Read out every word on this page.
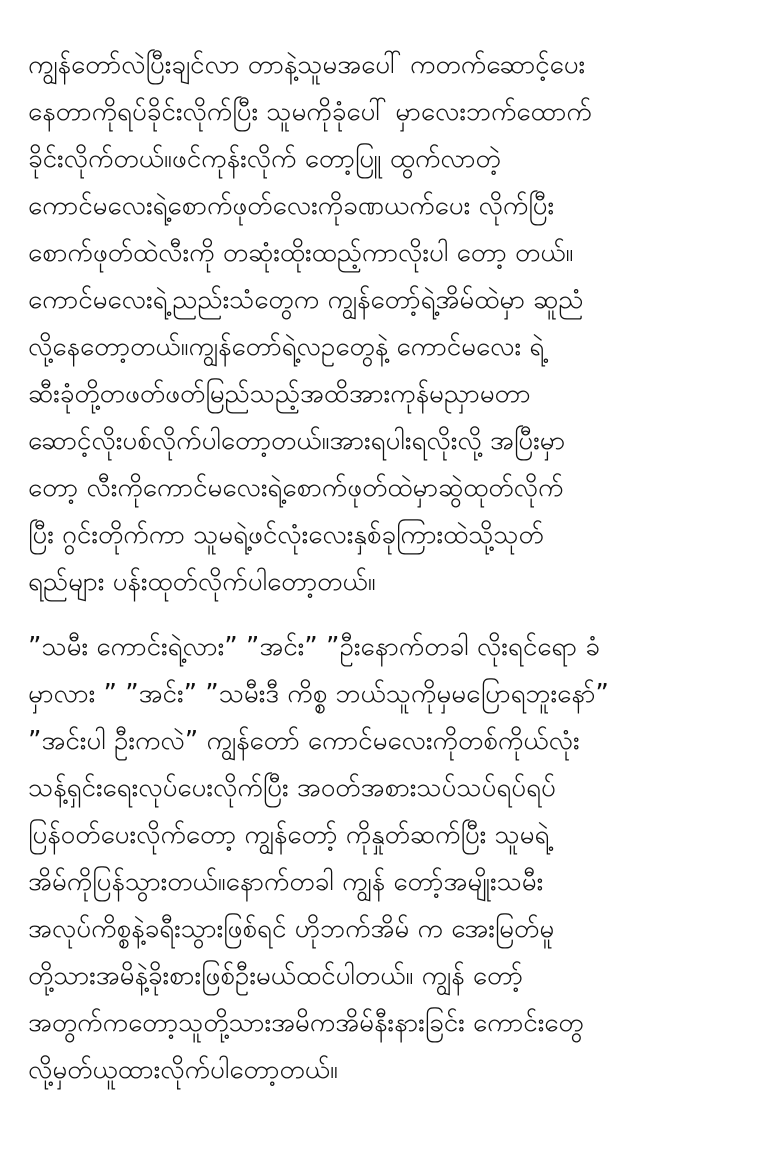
ကျွန်တော်လဲပြီးချင်လာ တာနဲ့သူမအပေါ် ကတက်ဆောင့်ပေး
နေတာကိုရပ်ခိုင်းလိုက်ပြီး သူမကိုခုံပေါ် မှာလေးဘက်ထောက်
ခိုင်းလိုက်တယ်။ဖင်ကုန်းလိုက် တော့ပြူ ထွက်လာတဲ့
ကောင်မလေးရဲ့စောက်ဖုတ်လေးကိုခဏယက်ပေး လိုက်ပြီး
စောက်ဖုတ်ထဲလီးကို တဆုံးထိုးထည့်ကာလိုးပါ တော့ တယ်။
ကောင်မလေးရဲ့ညည်းသံတွေက ကျွန်တော့်ရဲ့အိမ်ထဲမှာ ဆူညံ
လို့နေတော့တယ်။ကျွန်တော်ရဲ့လဥတွေနဲ့ ကောင်မလေး ရဲ့
ဆီးခုံတို့တဖတ်ဖတ်မြည်သည့်အထိအားကုန်မညှာမတာ
ဆောင့်လိုးပစ်လိုက်ပါတော့တယ်။အားရပါးရလိုးလို့ အပြီးမှာ
တော့ လီးကိုကောင်မလေးရဲ့စောက်ဖုတ်ထဲမှာဆွဲထုတ်လိုက်
ပြီး ဂွင်းတိုက်ကာ သူမရဲ့ဖင်လုံးလေးနှစ်ခုကြားထဲသို့သုတ်
ရည်များ ပန်းထုတ်လိုက်ပါတော့တယ်။
”သမီး ကောင်းရဲ့လား” ”အင်း” ”ဦးနောက်တခါ လိုးရင်ရော ခံ
မှာလား ” ”အင်း” ”သမီးဒီ ကိစ္စ ဘယ်သူကိုမှမပြောရဘူးနော်”
”အင်းပါ ဦးကလဲ” ကျွန်တော် ကောင်မလေးကိုတစ်ကိုယ်လုံး
သန့်ရှင်းရေးလုပ်ပေးလိုက်ပြီး အဝတ်အစားသပ်သပ်ရပ်ရပ်
ပြန်ဝတ်ပေးလိုက်တော့ ကျွန်တော့် ကိုနှုတ်ဆက်ပြီး သူမရဲ့
အိမ်ကိုပြန်သွားတယ်။နောက်တခါ ကျွန် တော့်အမျိုးသမီး
အလုပ်ကိစ္စနဲ့ခရီးသွားဖြစ်ရင် ဟိုဘက်အိမ် က အေးမြတ်မူ
တို့သားအမိနဲ့ခိုးစားဖြစ်ဦးမယ်ထင်ပါတယ်။ ကျွန် တော့်
အတွက်ကတော့သူတို့သားအမိကအိမ်နီးနားခြင်း ကောင်းတွေ
လို့မှတ်ယူထားလိုက်ပါတော့တယ်။
